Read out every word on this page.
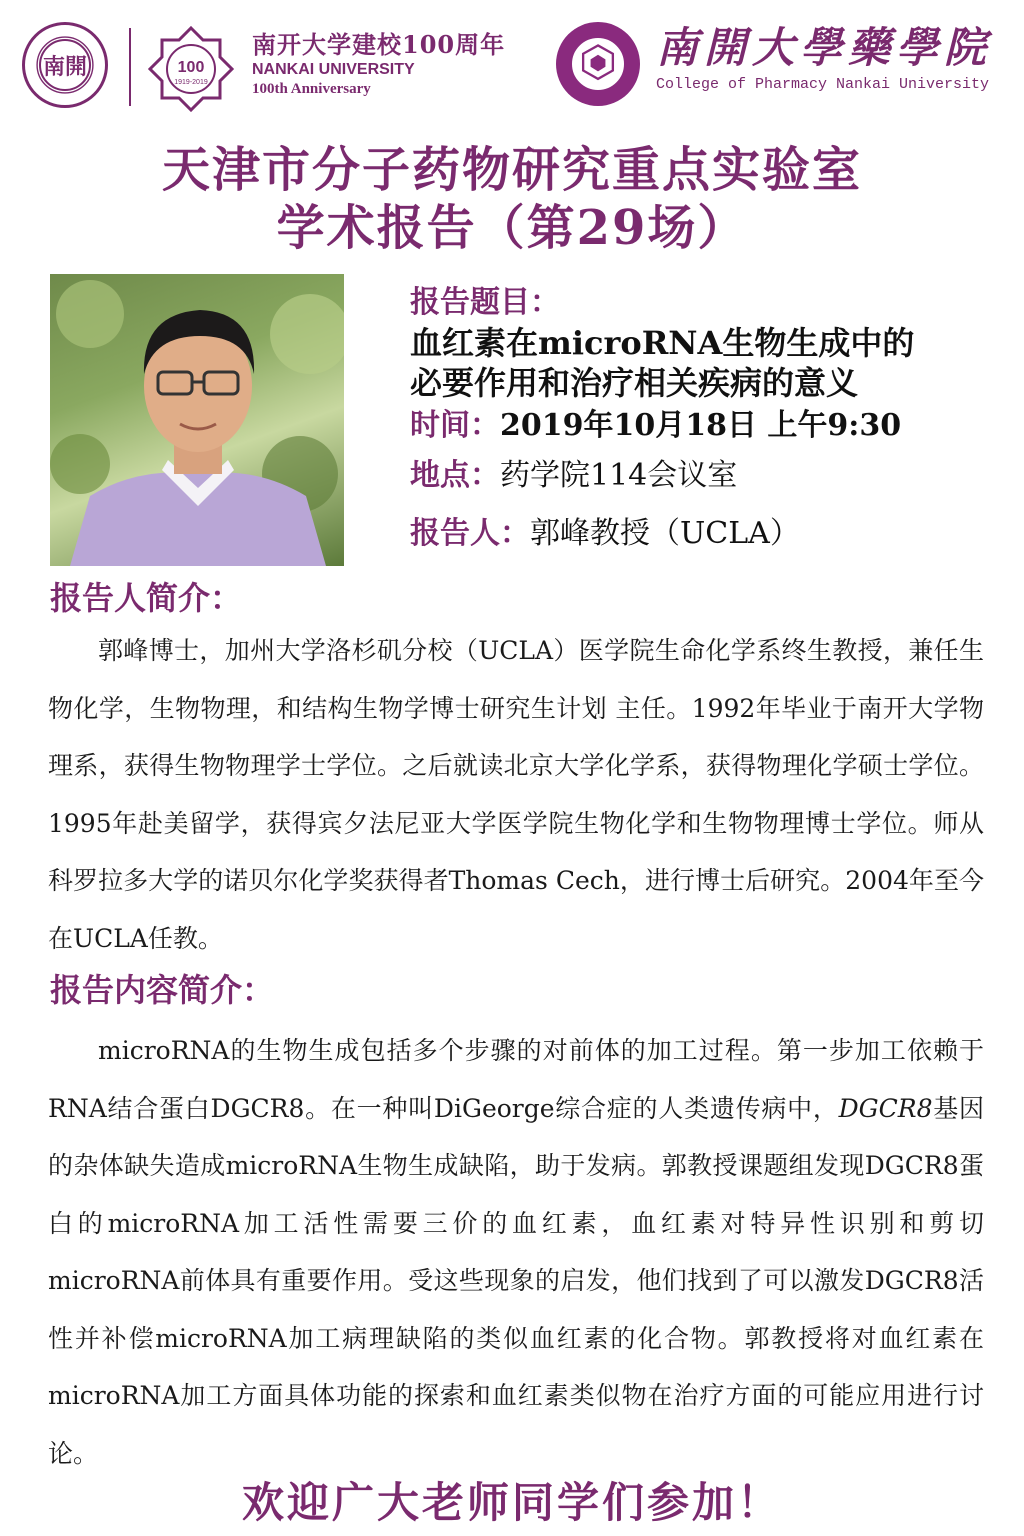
南開	100
1919-2019
南开大学建校100周年
NANKAI UNIVERSITY
100th Anniversary
南開大學藥學院
College of Pharmacy Nankai University
天津市分子药物研究重点实验室
学术报告（第29场）
报告题目：
血红素在microRNA生物生成中的
必要作用和治疗相关疾病的意义
时间：2019年10月18日 上午9:30
地点：药学院114会议室
报告人：郭峰教授（UCLA）
报告人简介：
郭峰博士，加州大学洛杉矶分校（UCLA）医学院生命化学系终生教授，兼任生物化学，生物物理，和结构生物学博士研究生计划 主任。1992年毕业于南开大学物理系，获得生物物理学士学位。之后就读北京大学化学系，获得物理化学硕士学位。1995年赴美留学，获得宾夕法尼亚大学医学院生物化学和生物物理博士学位。师从科罗拉多大学的诺贝尔化学奖获得者Thomas Cech，进行博士后研究。2004年至今在UCLA任教。
报告内容简介：
microRNA的生物生成包括多个步骤的对前体的加工过程。第一步加工依赖于RNA结合蛋白DGCR8。在一种叫DiGeorge综合症的人类遗传病中，DGCR8基因的杂体缺失造成microRNA生物生成缺陷，助于发病。郭教授课题组发现DGCR8蛋白的microRNA加工活性需要三价的血红素，血红素对特异性识别和剪切microRNA前体具有重要作用。受这些现象的启发，他们找到了可以激发DGCR8活性并补偿microRNA加工病理缺陷的类似血红素的化合物。郭教授将对血红素在microRNA加工方面具体功能的探索和血红素类似物在治疗方面的可能应用进行讨论。
欢迎广大老师同学们参加！
